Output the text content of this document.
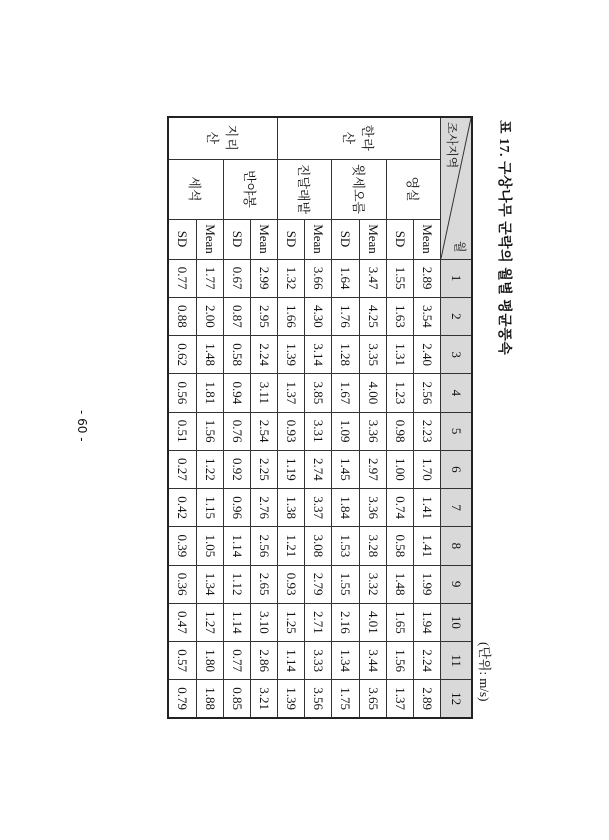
표 17. 구상나무 군락의 월별 평균풍속
(단위: m/s)
월
조사지역			1	2	3	4	5	6	7	8	9	10	11	12
한라산	영실	Mean	2.89	3.54	2.40	2.56	2.23	1.70	1.41	1.41	1.99	1.94	2.24	2.89
		SD	1.55	1.63	1.31	1.23	0.98	1.00	0.74	0.58	1.48	1.65	1.56	1.37
	윗세오름	Mean	3.47	4.25	3.35	4.00	3.36	2.97	3.36	3.28	3.32	4.01	3.44	3.65
		SD	1.64	1.76	1.28	1.67	1.09	1.45	1.84	1.53	1.55	2.16	1.34	1.75
	진달래밭	Mean	3.66	4.30	3.14	3.85	3.31	2.74	3.37	3.08	2.79	2.71	3.33	3.56
		SD	1.32	1.66	1.39	1.37	0.93	1.19	1.38	1.21	0.93	1.25	1.14	1.39
지리산	반야봉	Mean	2.99	2.95	2.24	3.11	2.54	2.25	2.76	2.56	2.65	3.10	2.86	3.21
		SD	0.67	0.87	0.58	0.94	0.76	0.92	0.96	1.14	1.12	1.14	0.77	0.85
	세석	Mean	1.77	2.00	1.48	1.81	1.56	1.22	1.15	1.05	1.34	1.27	1.80	1.88
		SD	0.77	0.88	0.62	0.56	0.51	0.27	0.42	0.39	0.36	0.47	0.57	0.79
- 60 -
